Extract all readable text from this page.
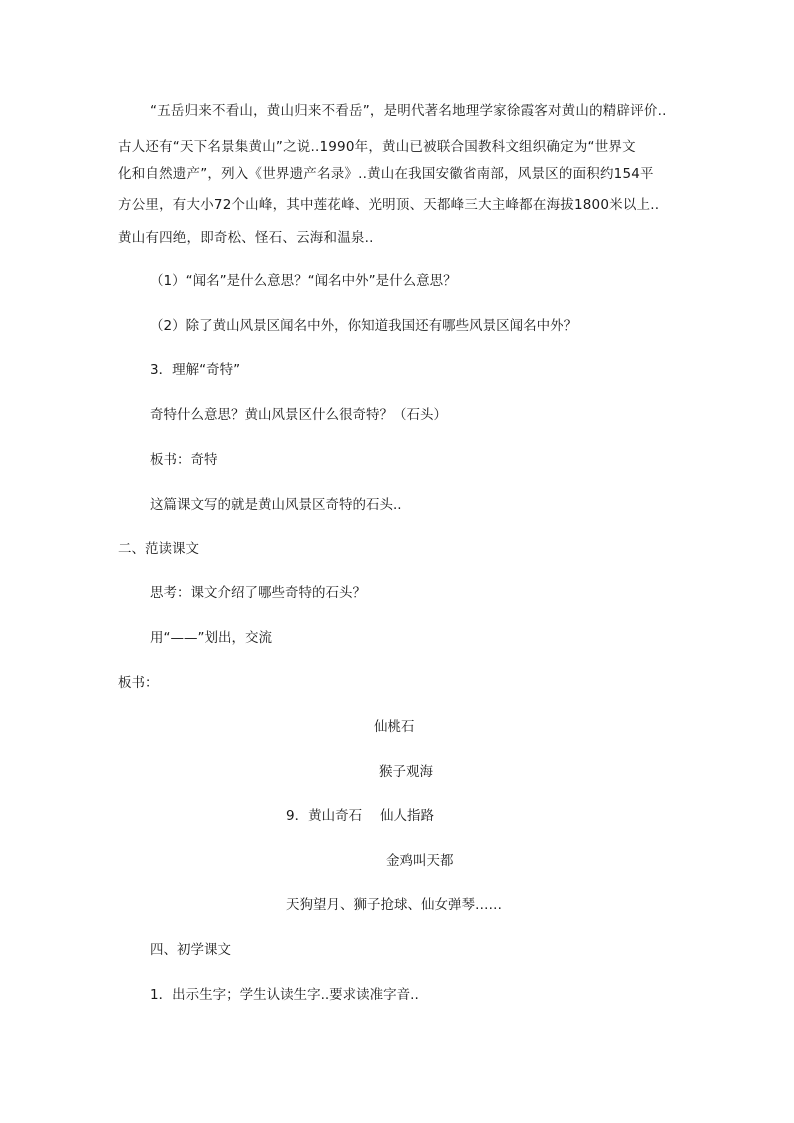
“五岳归来不看山，黄山归来不看岳”，是明代著名地理学家徐霞客对黄山的精辟评价..
古人还有“天下名景集黄山”之说..1990年，黄山已被联合国教科文组织确定为“世界文
化和自然遗产”，列入《世界遗产名录》..黄山在我国安徽省南部，风景区的面积约154平
方公里，有大小72个山峰，其中莲花峰、光明顶、天都峰三大主峰都在海拔1800米以上..
黄山有四绝，即奇松、怪石、云海和温泉..
（1）“闻名”是什么意思？“闻名中外”是什么意思？
（2）除了黄山风景区闻名中外，你知道我国还有哪些风景区闻名中外？
3．理解“奇特”
奇特什么意思？黄山风景区什么很奇特？（石头）
板书：奇特
这篇课文写的就是黄山风景区奇特的石头..
二、范读课文
思考：课文介绍了哪些奇特的石头？
用“——”划出，交流
板书：
仙桃石
猴子观海
9．黄山奇石 仙人指路
金鸡叫天都
天狗望月、狮子抢球、仙女弹琴……
四、初学课文
1．出示生字；学生认读生字..要求读准字音..
